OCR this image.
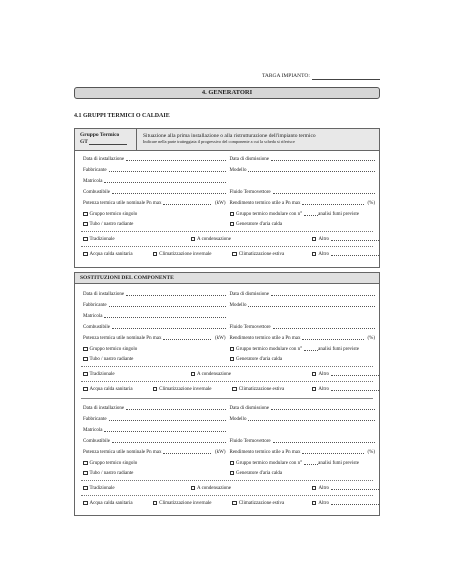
TARGA IMPIANTO:
4. GENERATORI
4.1 GRUPPI TERMICI O CALDAIE
Gruppo Termico
GT
Situazione alla prima installazione o alla ristrutturazione dell'impianto termico
Indicare nella parte tratteggiata il progressivo del componente a cui la scheda si riferisce
Data di installazione	Data di dismissione
Fabbricante	Modello
Matricola
Combustibile	Fluido Termovettore
Potenza termica utile nominale Pn max	(kW) Rendimento termico utile a Pn max	(%)
Gruppo termico singolo	Gruppo termico modulare con n°	analisi fumi previste
Tubo / nastro radiante	Generatore d'aria calda
Tradizionale	A condensazione	Altro
Acqua calda sanitaria	Climatizzazione invernale	Climatizzazione estiva	Altro
SOSTITUZIONI DEL COMPONENTE
Data di installazione	Data di dismissione
Fabbricante	Modello
Matricola
Combustibile	Fluido Termovettore
Potenza termica utile nominale Pn max	(kW) Rendimento termico utile a Pn max	(%)
Gruppo termico singolo	Gruppo termico modulare con n°	analisi fumi previste
Tubo / nastro radiante	Generatore d'aria calda
Tradizionale	A condensazione	Altro
Acqua calda sanitaria	Climatizzazione invernale	Climatizzazione estiva	Altro
Data di installazione	Data di dismissione
Fabbricante	Modello
Matricola
Combustibile	Fluido Termovettore
Potenza termica utile nominale Pn max	(kW) Rendimento termico utile a Pn max	(%)
Gruppo termico singolo	Gruppo termico modulare con n°	analisi fumi previste
Tubo / nastro radiante	Generatore d'aria calda
Tradizionale	A condensazione	Altro
Acqua calda sanitaria	Climatizzazione invernale	Climatizzazione estiva	Altro
